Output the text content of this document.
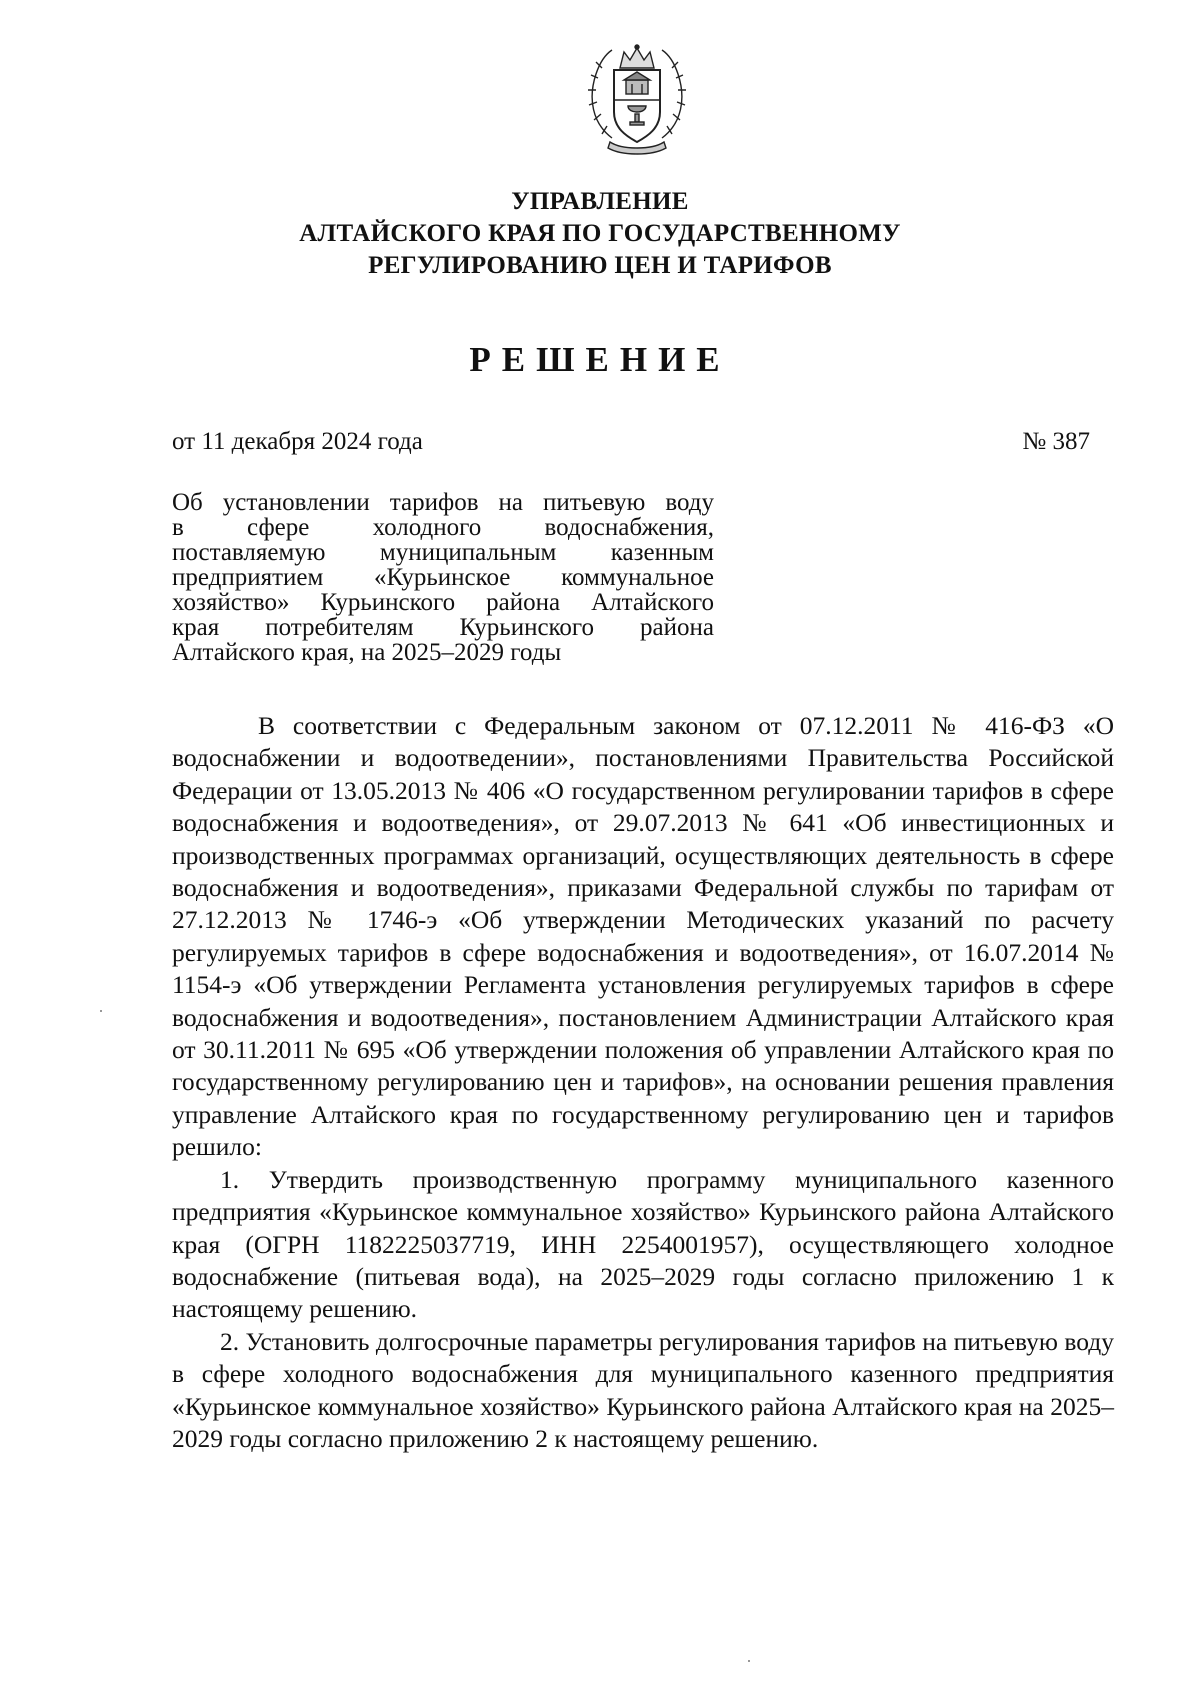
УПРАВЛЕНИЕ
АЛТАЙСКОГО КРАЯ ПО ГОСУДАРСТВЕННОМУ
РЕГУЛИРОВАНИЮ ЦЕН И ТАРИФОВ
РЕШЕНИЕ
от 11 декабря 2024 года	№ 387
Об установлении тарифов на питьевую воду
в сфере холодного водоснабжения,
поставляемую муниципальным казенным
предприятием «Курьинское коммунальное
хозяйство» Курьинского района Алтайского
края потребителям Курьинского района
Алтайского края, на 2025–2029 годы

В соответствии с Федеральным законом от 07.12.2011 № 416-ФЗ «О водоснабжении и водоотведении», постановлениями Правительства Российской Федерации от 13.05.2013 № 406 «О государственном регулировании тарифов в сфере водоснабжения и водоотведения», от 29.07.2013 № 641 «Об инвестиционных и производственных программах организаций, осуществляющих деятельность в сфере водоснабжения и водоотведения», приказами Федеральной службы по тарифам от 27.12.2013 № 1746-э «Об утверждении Методических указаний по расчету регулируемых тарифов в сфере водоснабжения и водоотведения», от 16.07.2014 № 1154-э «Об утверждении Регламента установления регулируемых тарифов в сфере водоснабжения и водоотведения», постановлением Администрации Алтайского края от 30.11.2011 № 695 «Об утверждении положения об управлении Алтайского края по государственному регулированию цен и тарифов», на основании решения правления управление Алтайского края по государственному регулированию цен и тарифов решило:

1. Утвердить производственную программу муниципального казенного предприятия «Курьинское коммунальное хозяйство» Курьинского района Алтайского края (ОГРН 1182225037719, ИНН 2254001957), осуществляющего холодное водоснабжение (питьевая вода), на 2025–2029 годы согласно приложению 1 к настоящему решению.

2. Установить долгосрочные параметры регулирования тарифов на питьевую воду в сфере холодного водоснабжения для муниципального казенного предприятия «Курьинское коммунальное хозяйство» Курьинского района Алтайского края на 2025–2029 годы согласно приложению 2 к настоящему решению.
